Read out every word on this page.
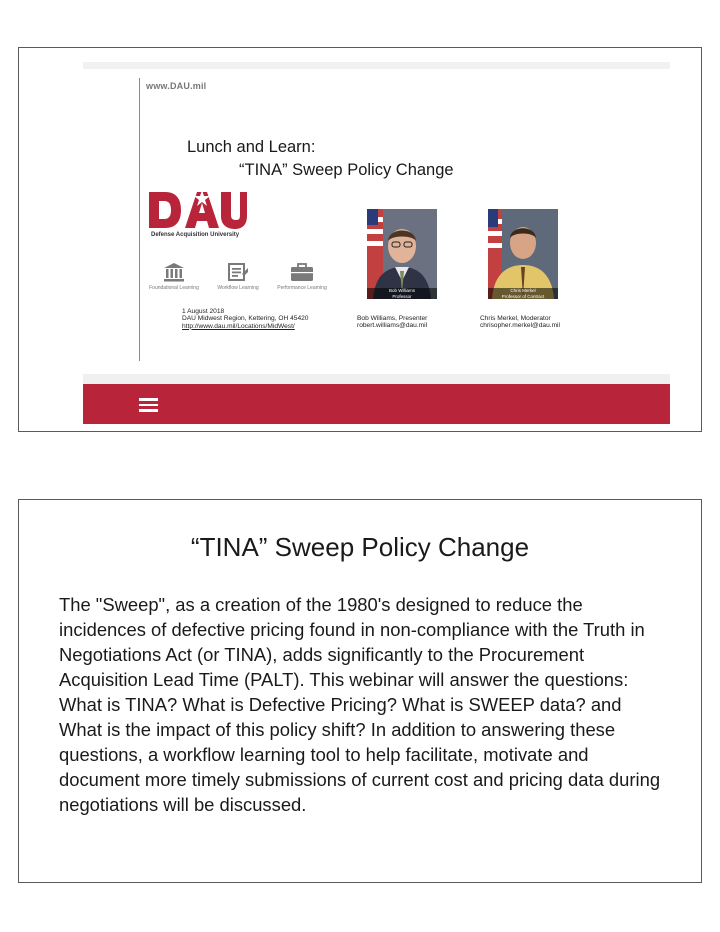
www.DAU.mil
Lunch and Learn:
“TINA” Sweep Policy Change
Defense Acquisition University
Foundational Learning	Workflow Learning	Performance Learning
1 August 2018
DAU Midwest Region, Kettering, OH 45420
http://www.dau.mil/Locations/MidWest/
Bob Williams
Professor
Bob Williams, Presenter
robert.williams@dau.mil
Chris Merkel
Professor of Contract Management
Chris Merkel, Moderator
chrisopher.merkel@dau.mil
“TINA” Sweep Policy Change
The "Sweep", as a creation of the 1980's designed to reduce the incidences of defective pricing found in non-compliance with the Truth in Negotiations Act (or TINA), adds significantly to the Procurement Acquisition Lead Time (PALT). This webinar will answer the questions: What is TINA? What is Defective Pricing? What is SWEEP data? and What is the impact of this policy shift? In addition to answering these questions, a workflow learning tool to help facilitate, motivate and document more timely submissions of current cost and pricing data during negotiations will be discussed.
